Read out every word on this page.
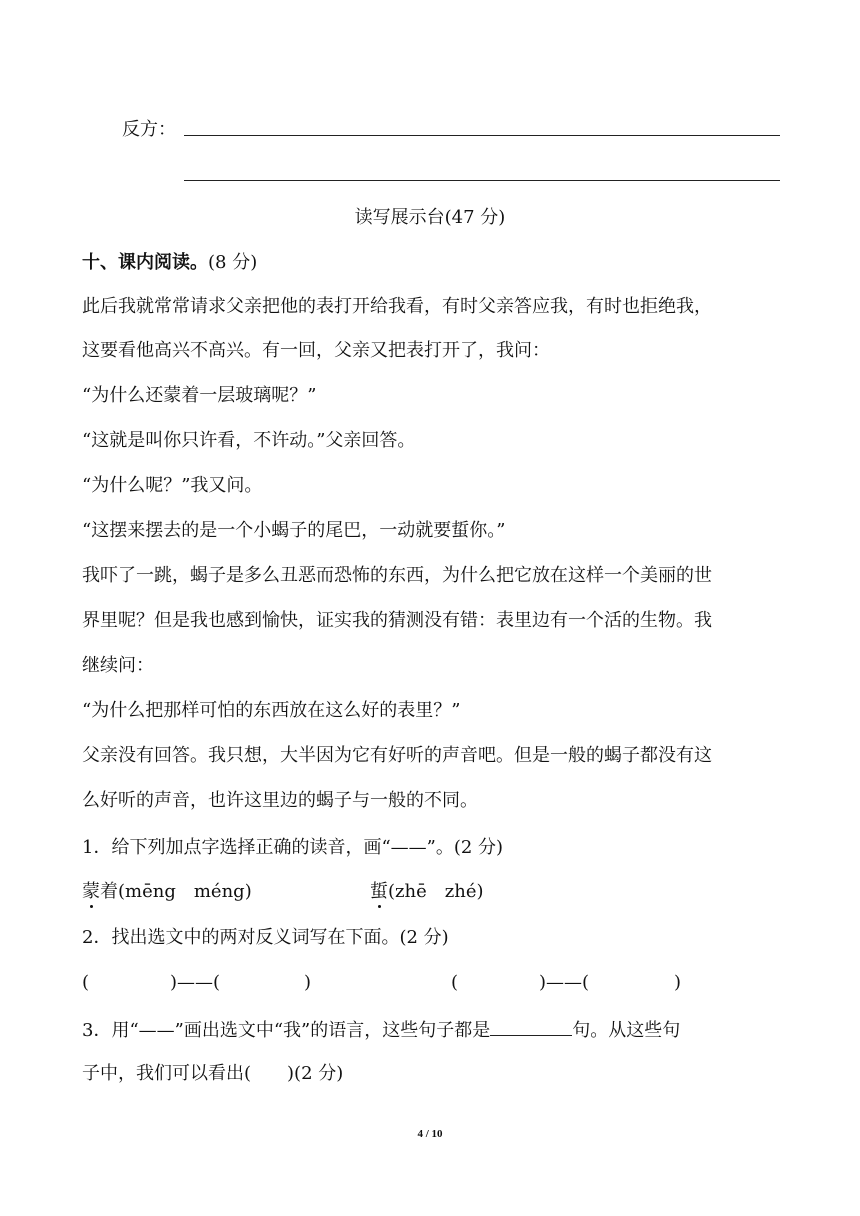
反方：
读写展示台(47 分)
十、课内阅读。(8 分)
此后我就常常请求父亲把他的表打开给我看，有时父亲答应我，有时也拒绝我，
这要看他高兴不高兴。有一回，父亲又把表打开了，我问：
“为什么还蒙着一层玻璃呢？”
“这就是叫你只许看，不许动。”父亲回答。
“为什么呢？”我又问。
“这摆来摆去的是一个小蝎子的尾巴，一动就要蜇你。”
我吓了一跳，蝎子是多么丑恶而恐怖的东西，为什么把它放在这样一个美丽的世
界里呢？但是我也感到愉快，证实我的猜测没有错：表里边有一个活的生物。我
继续问：
“为什么把那样可怕的东西放在这么好的表里？”
父亲没有回答。我只想，大半因为它有好听的声音吧。但是一般的蝎子都没有这
么好听的声音，也许这里边的蝎子与一般的不同。
1．给下列加点字选择正确的读音，画“——”。(2 分)
蒙着(mēng　méng)	蜇(zhē　zhé)
2．找出选文中的两对反义词写在下面。(2 分)
(	)——(	)	(	)——(	)
3．用“——”画出选文中“我”的语言，这些句子都是	句。从这些句
子中，我们可以看出(　　)(2 分)
4 / 10
